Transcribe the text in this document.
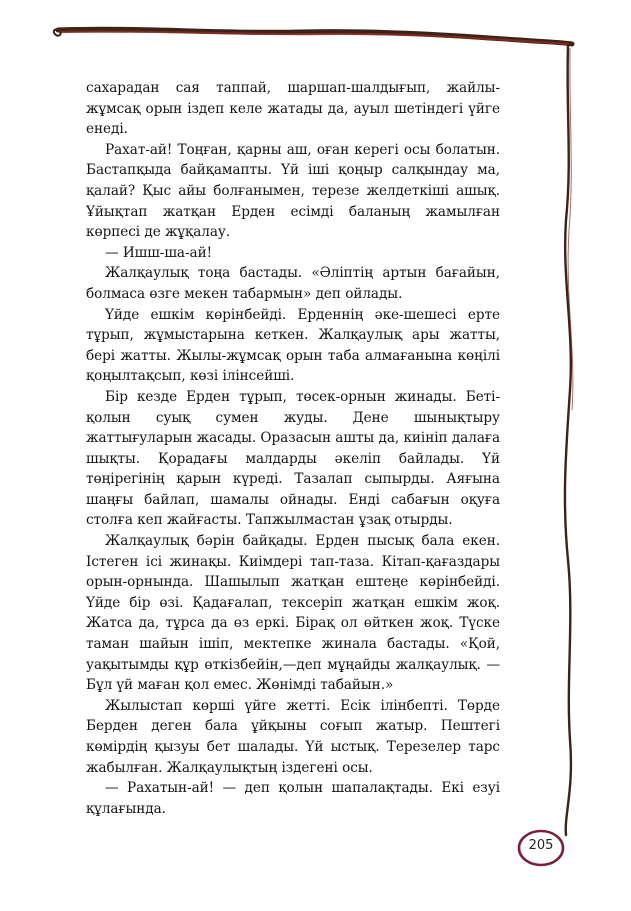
сахарадан сая таппай, шаршап-шалдығып, жайлы-жұмсақ орын іздеп келе жатады да, ауыл шетіндегі үйге енеді.

Рахат-ай! Тоңған, қарны аш, оған керегі осы болатын. Бастапқыда байқамапты. Үй іші қоңыр салқындау ма, қалай? Қыс айы болғанымен, терезе желдеткіші ашық. Ұйықтап жатқан Ерден есімді баланың жамылған көрпесі де жұқалау.

— Ишш-ша-ай!

Жалқаулық тоңа бастады. «Әліптің артын бағайын, болмаса өзге мекен табармын» деп ойлады.

Үйде ешкім көрінбейді. Ерденнің әке-шешесі ерте тұрып, жұмыстарына кеткен. Жалқаулық ары жатты, бері жатты. Жылы-жұмсақ орын таба алмағанына көңілі қоңылтақсып, көзі ілінсейші.

Бір кезде Ерден тұрып, төсек-орнын жинады. Беті-қолын суық сумен жуды. Дене шынықтыру жаттығуларын жасады. Оразасын ашты да, киініп далаға шықты. Қорадағы малдарды әкеліп байлады. Үй төңірегінің қарын күреді. Тазалап сыпырды. Аяғына шаңғы байлап, шамалы ойнады. Енді сабағын оқуға столға кеп жайғасты. Тапжылмастан ұзақ отырды.

Жалқаулық бәрін байқады. Ерден пысық бала екен. Істеген ісі жинақы. Киімдері тап-таза. Кітап-қағаздары орын-орнында. Шашылып жатқан ештеңе көрінбейді. Үйде бір өзі. Қадағалап, тексеріп жатқан ешкім жоқ. Жатса да, тұрса да өз еркі. Бірақ ол өйткен жоқ. Түске таман шайын ішіп, мектепке жинала бастады. «Қой, уақытымды құр өткізбейін,—деп мұңайды жалқаулық. — Бұл үй маған қол емес. Жөнімді табайын.»

Жылыстап көрші үйге жетті. Есік ілінбепті. Төрде Берден деген бала ұйқыны соғып жатыр. Пештегі көмірдің қызуы бет шалады. Үй ыстық. Терезелер тарс жабылған. Жалқаулықтың іздегені осы.

— Рахатын-ай! — деп қолын шапалақтады. Екі езуі құлағында.

205
